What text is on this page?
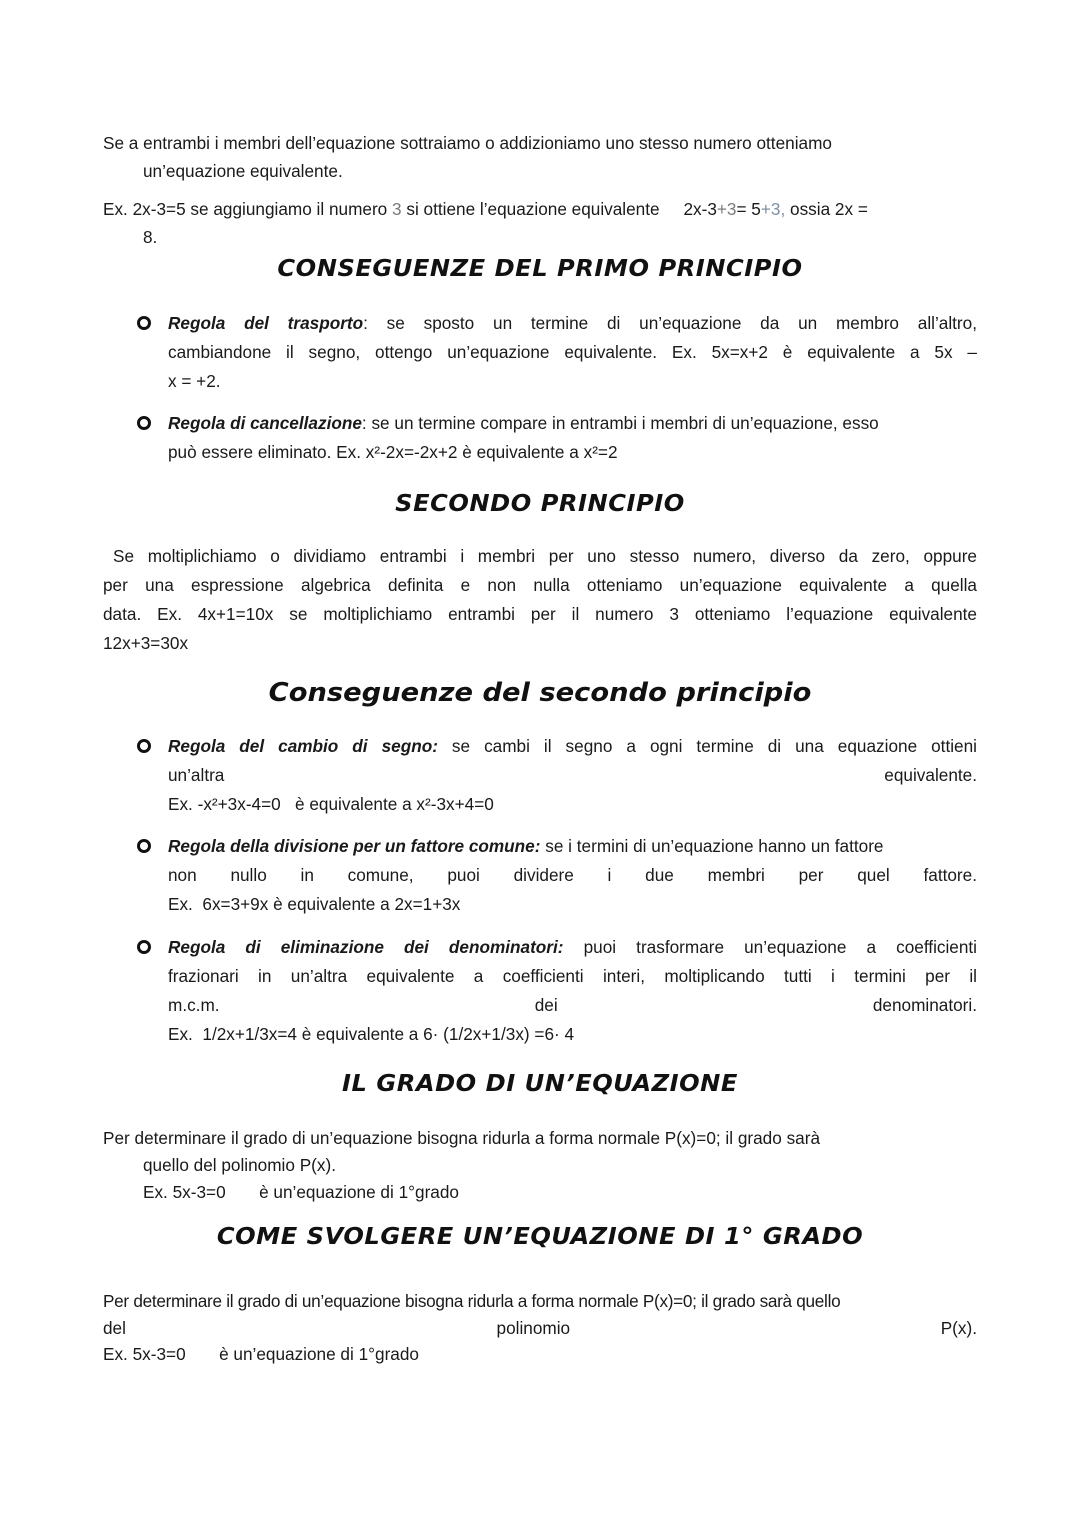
Se a entrambi i membri dell’equazione sottraiamo o addizioniamo uno stesso numero otteniamo
un’equazione equivalente.
Ex. 2x-3=5 se aggiungiamo il numero 3 si ottiene l’equazione equivalente     2x-3+3= 5+3, ossia 2x =
8.
CONSEGUENZE DEL PRIMO PRINCIPIO
Regola del trasporto: se sposto un termine di un’equazione da un membro all’altro,
cambiandone il segno, ottengo un’equazione equivalente. Ex. 5x=x+2 è equivalente a 5x –
x = +2.
Regola di cancellazione: se un termine compare in entrambi i membri di un’equazione, esso
può essere eliminato. Ex. x²-2x=-2x+2 è equivalente a x²=2
SECONDO PRINCIPIO
Se moltiplichiamo o dividiamo entrambi i membri per uno stesso numero, diverso da zero, oppure
per una espressione algebrica definita e non nulla otteniamo un’equazione equivalente a quella
data. Ex. 4x+1=10x se moltiplichiamo entrambi per il numero 3 otteniamo l’equazione equivalente
12x+3=30x
Conseguenze del secondo principio
Regola del cambio di segno: se cambi il segno a ogni termine di una equazione ottieni
un’altra equivalente.
Ex. -x²+3x-4=0   è equivalente a x²-3x+4=0
Regola della divisione per un fattore comune: se i termini di un’equazione hanno un fattore
non nullo in comune, puoi dividere i due membri per quel fattore.
Ex.  6x=3+9x è equivalente a 2x=1+3x
Regola di eliminazione dei denominatori: puoi trasformare un’equazione a coefficienti
frazionari in un’altra equivalente a coefficienti interi, moltiplicando tutti i termini per il
m.c.m. dei denominatori.
Ex.  1/2x+1/3x=4 è equivalente a 6· (1/2x+1/3x) =6· 4
IL GRADO DI UN’EQUAZIONE
Per determinare il grado di un’equazione bisogna ridurla a forma normale P(x)=0; il grado sarà
quello del polinomio P(x).
Ex. 5x-3=0       è un’equazione di 1°grado
COME SVOLGERE UN’EQUAZIONE DI 1° GRADO
Per determinare il grado di un’equazione bisogna ridurla a forma normale P(x)=0; il grado sarà quello
del polinomio P(x).
Ex. 5x-3=0       è un’equazione di 1°grado
